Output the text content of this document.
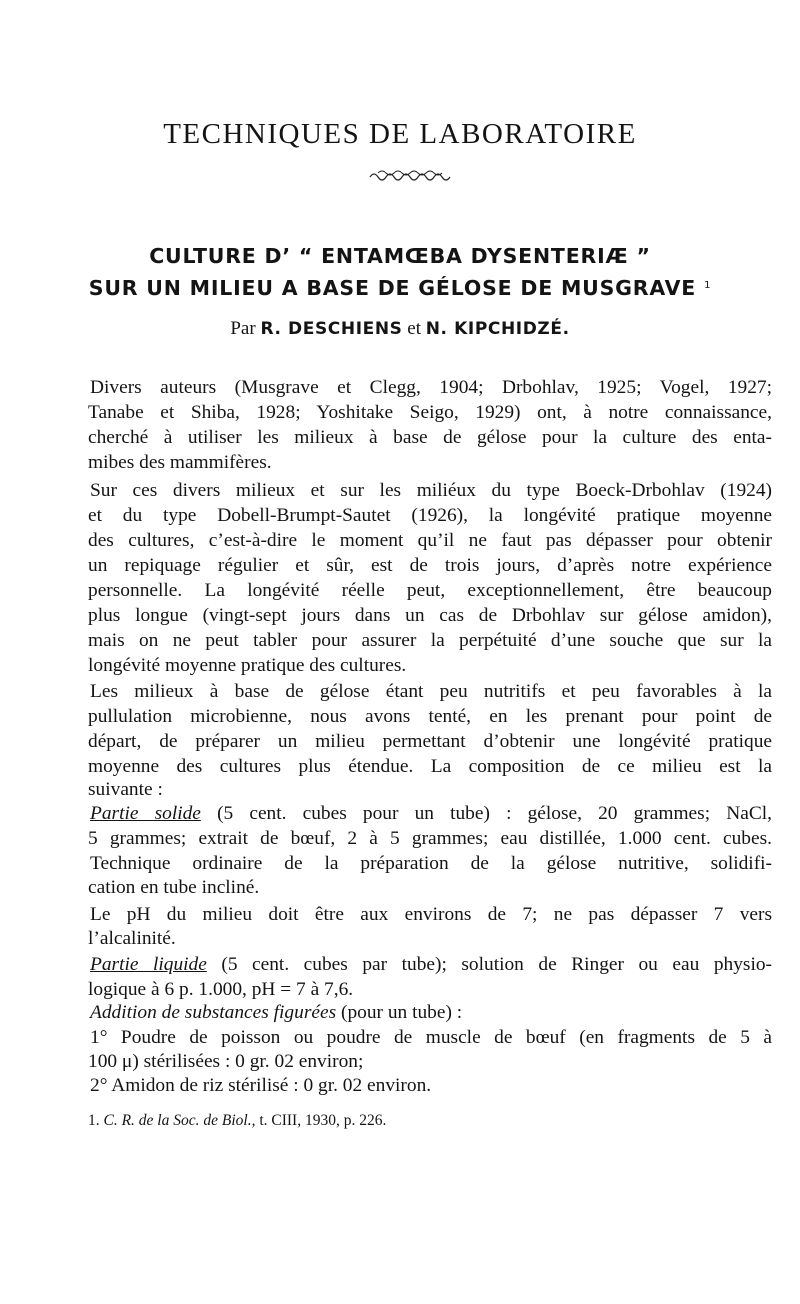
TECHNIQUES DE LABORATOIRE
CULTURE D’ “ ENTAMŒBA DYSENTERIÆ ”
SUR UN MILIEU A BASE DE GÉLOSE DE MUSGRAVE $^1$
Par R. DESCHIENS et N. KIPCHIDZÉ.
Divers auteurs (Musgrave et Clegg, 1904; Drbohlav, 1925; Vogel, 1927;
Tanabe et Shiba, 1928; Yoshitake Seigo, 1929) ont, à notre connaissance,
cherché à utiliser les milieux à base de gélose pour la culture des enta-
mibes des mammifères.
Sur ces divers milieux et sur les miliéux du type Boeck-Drbohlav (1924)
et du type Dobell-Brumpt-Sautet (1926), la longévité pratique moyenne
des cultures, c’est-à-dire le moment qu’il ne faut pas dépasser pour obtenir
un repiquage régulier et sûr, est de trois jours, d’après notre expérience
personnelle. La longévité réelle peut, exceptionnellement, être beaucoup
plus longue (vingt-sept jours dans un cas de Drbohlav sur gélose amidon),
mais on ne peut tabler pour assurer la perpétuité d’une souche que sur la
longévité moyenne pratique des cultures.
Les milieux à base de gélose étant peu nutritifs et peu favorables à la
pullulation microbienne, nous avons tenté, en les prenant pour point de
départ, de préparer un milieu permettant d’obtenir une longévité pratique
moyenne des cultures plus étendue. La composition de ce milieu est la
suivante :
Partie solide (5 cent. cubes pour un tube) : gélose, 20 grammes; NaCl,
5 grammes; extrait de bœuf, 2 à 5 grammes; eau distillée, 1.000 cent. cubes.
Technique ordinaire de la préparation de la gélose nutritive, solidifi-
cation en tube incliné.
Le pH du milieu doit être aux environs de 7; ne pas dépasser 7 vers
l’alcalinité.
Partie liquide (5 cent. cubes par tube); solution de Ringer ou eau physio-
logique à 6 p. 1.000, pH = 7 à 7,6.
Addition de substances figurées (pour un tube) :
1° Poudre de poisson ou poudre de muscle de bœuf (en fragments de 5 à
100 μ) stérilisées : 0 gr. 02 environ;
2° Amidon de riz stérilisé : 0 gr. 02 environ.
1. C. R. de la Soc. de Biol., t. CIII, 1930, p. 226.
